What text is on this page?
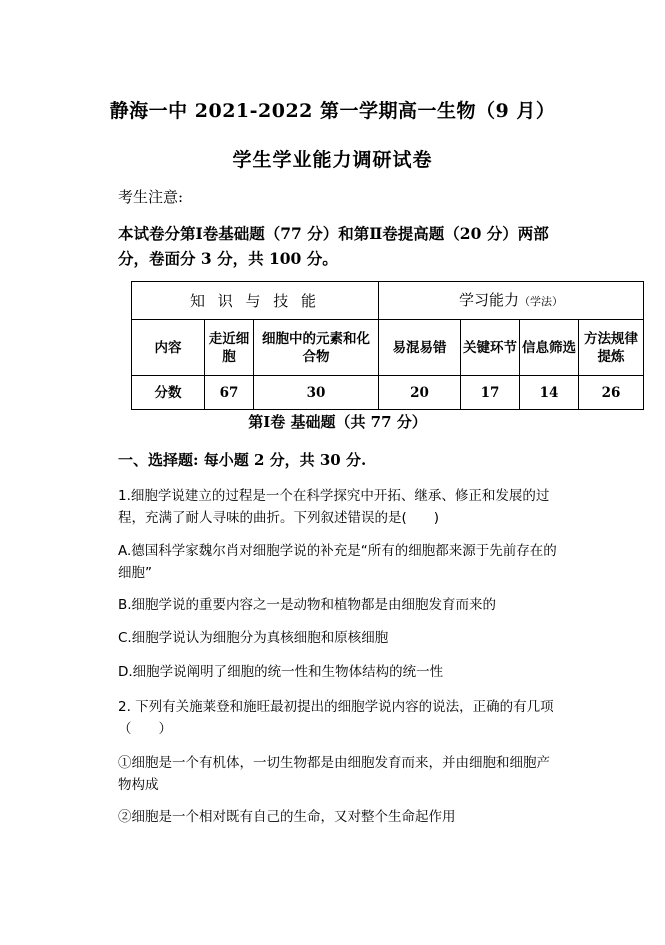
静海一中 2021-2022 第一学期高一生物（9 月）
学生学业能力调研试卷
考生注意:
本试卷分第Ⅰ卷基础题（77 分）和第Ⅱ卷提高题（20 分）两部分，卷面分 3 分，共 100 分。
知 识 与 技 能			学习能力（学法）			
内容	走近细胞	细胞中的元素和化合物	易混易错	关键环节	信息筛选	方法规律提炼
分数	67	30	20	17	14	26
第Ⅰ卷 基础题（共 77 分）
一、选择题: 每小题 2 分，共 30 分.
1.细胞学说建立的过程是一个在科学探究中开拓、继承、修正和发展的过程，充满了耐人寻味的曲折。下列叙述错误的是(　　)
A.德国科学家魏尔肖对细胞学说的补充是“所有的细胞都来源于先前存在的细胞”
B.细胞学说的重要内容之一是动物和植物都是由细胞发育而来的
C.细胞学说认为细胞分为真核细胞和原核细胞
D.细胞学说阐明了细胞的统一性和生物体结构的统一性
2. 下列有关施莱登和施旺最初提出的细胞学说内容的说法，正确的有几项（　　）
①细胞是一个有机体，一切生物都是由细胞发育而来，并由细胞和细胞产物构成
②细胞是一个相对既有自己的生命，又对整个生命起作用
